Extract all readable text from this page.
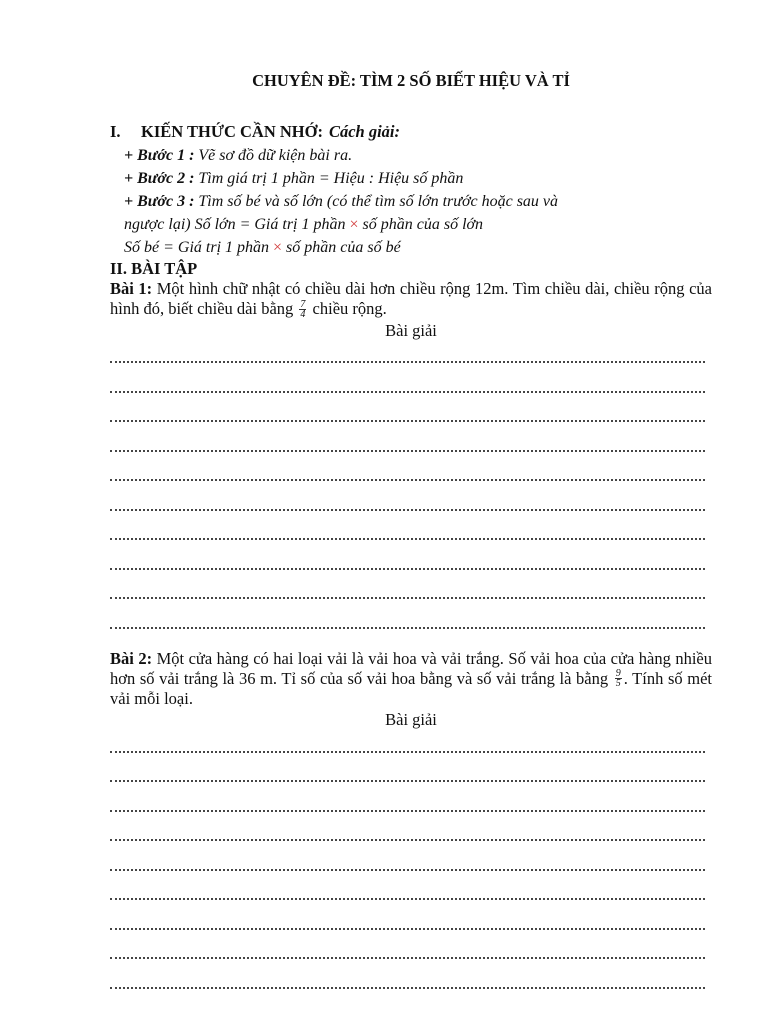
CHUYÊN ĐỀ: TÌM 2 SỐ BIẾT HIỆU VÀ TỈ
I. KIẾN THỨC CẦN NHỚ: Cách giải:
+ Bước 1 : Vẽ sơ đồ dữ kiện bài ra.
+ Bước 2 : Tìm giá trị 1 phần = Hiệu : Hiệu số phần
+ Bước 3 : Tìm số bé và số lớn (có thể tìm số lớn trước hoặc sau và
ngược lại) Số lớn = Giá trị 1 phần × số phần của số lớn
Số bé = Giá trị 1 phần × số phần của số bé
II. BÀI TẬP
Bài 1: Một hình chữ nhật có chiều dài hơn chiều rộng 12m. Tìm chiều dài, chiều rộng của hình đó, biết chiều dài bằng $\frac{7}{4}$ chiều rộng.
Bài giải
Bài 2: Một cửa hàng có hai loại vải là vải hoa và vải trắng. Số vải hoa của cửa hàng nhiều hơn số vải trắng là 36 m. Tỉ số của số vải hoa bằng và số vải trắng là bằng $\frac{9}{5}$ . Tính số mét vải mỗi loại.
Bài giải
